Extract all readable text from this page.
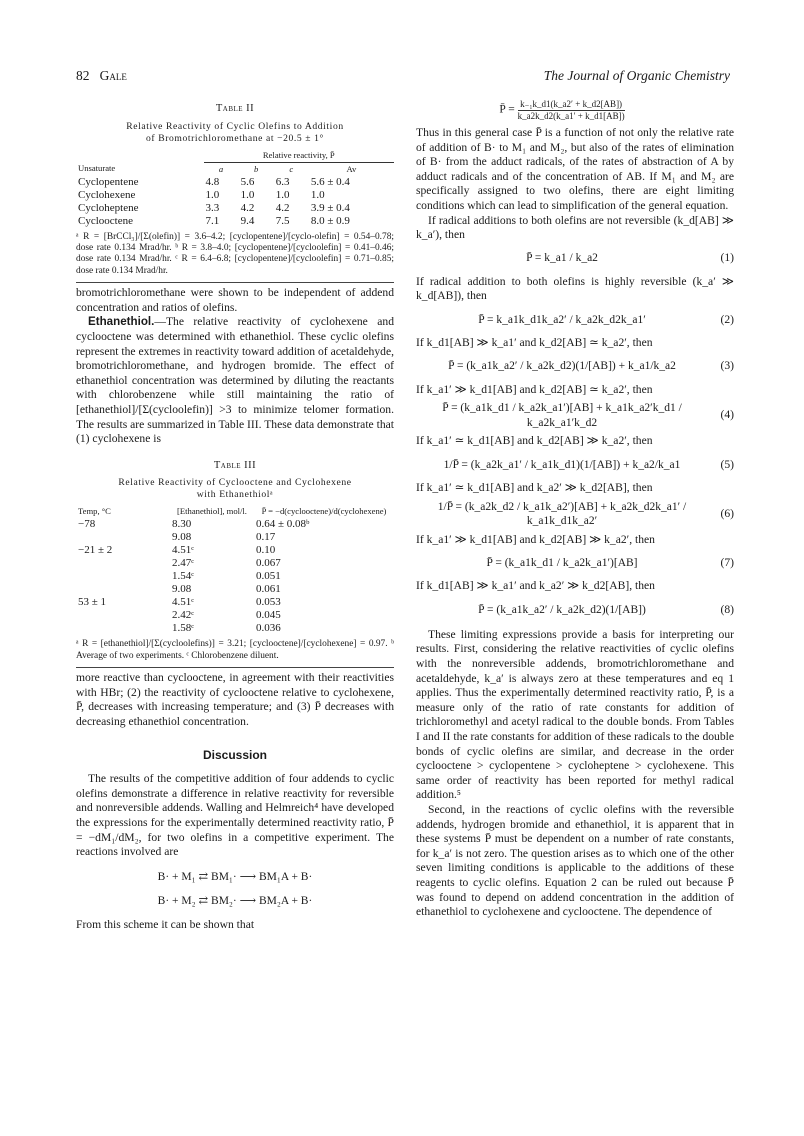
82 Gale	The Journal of Organic Chemistry
Table II
Relative Reactivity of Cyclic Olefins to Addition
of Bromotrichloromethane at −20.5 ± 1°
	Relative reactivity, P̄			
Unsaturate	a	b	c	Av
Cyclopentene	4.8	5.6	6.3	5.6 ± 0.4
Cyclohexene	1.0	1.0	1.0	1.0
Cycloheptene	3.3	4.2	4.2	3.9 ± 0.4
Cyclooctene	7.1	9.4	7.5	8.0 ± 0.9
ᵃ R = [BrCCl₃]/[Σ(olefin)] = 3.6–4.2; [cyclopentene]/[cyclo-olefin] = 0.54–0.78; dose rate 0.134 Mrad/hr. ᵇ R = 3.8–4.0; [cyclopentene]/[cycloolefin] = 0.41–0.46; dose rate 0.134 Mrad/hr. ᶜ R = 6.4–6.8; [cyclopentene]/[cycloolefin] = 0.71–0.85; dose rate 0.134 Mrad/hr.

bromotrichloromethane were shown to be independent of addend concentration and ratios of olefins.

Ethanethiol.—The relative reactivity of cyclohexene and cyclooctene was determined with ethanethiol. These cyclic olefins represent the extremes in reactivity toward addition of acetaldehyde, bromotrichloromethane, and hydrogen bromide. The effect of ethanethiol concentration was determined by diluting the reactants with chlorobenzene while still maintaining the ratio of [ethanethiol]/[Σ(cycloolefin)] >3 to minimize telomer formation. The results are summarized in Table III. These data demonstrate that (1) cyclohexene is

Table III
Relative Reactivity of Cyclooctene and Cyclohexene
with Ethanethiolᵃ
Temp, °C	[Ethanethiol], mol/l.	P̄ = −d(cyclooctene)/d(cyclohexene)
−78	8.30	0.64 ± 0.08ᵇ
	9.08	0.17
−21 ± 2	4.51ᶜ	0.10
	2.47ᶜ	0.067
	1.54ᶜ	0.051
	9.08	0.061
53 ± 1	4.51ᶜ	0.053
	2.42ᶜ	0.045
	1.58ᶜ	0.036
ᵃ R = [ethanethiol]/[Σ(cycloolefins)] = 3.21; [cyclooctene]/[cyclohexene] = 0.97. ᵇ Average of two experiments. ᶜ Chlorobenzene diluent.

more reactive than cyclooctene, in agreement with their reactivities with HBr; (2) the reactivity of cyclooctene relative to cyclohexene, P̄, decreases with increasing temperature; and (3) P̄ decreases with decreasing ethanethiol concentration.

Discussion

The results of the competitive addition of four addends to cyclic olefins demonstrate a difference in relative reactivity for reversible and nonreversible addends. Walling and Helmreich⁴ have developed the expressions for the experimentally determined reactivity ratio, P̄ = −dM₁/dM₂, for two olefins in a competitive experiment. The reactions involved are

B· + M₁ ⇄ BM₁· ⟶ BM₁A + B·
B· + M₂ ⇄ BM₂· ⟶ BM₂A + B·

From this scheme it can be shown that

P̄ = $\frac{\text{k₋₁k\_d1(k\_a2′ + k\_d2[AB])}}{k\_a2k\_d2(k\_a1' + k\_d1[AB])}$

Thus in this general case P̄ is a function of not only the relative rate of addition of B· to M₁ and M₂, but also of the rates of elimination of B· from the adduct radicals, of the rates of abstraction of A by adduct radicals and of the concentration of AB. If M₁ and M₂ are specifically assigned to two olefins, there are eight limiting conditions which can lead to simplification of the general equation.

If radical additions to both olefins are not reversible (k_d[AB] ≫ k_a′), then

P̄ = k_a1 / k_a2	(1)

If radical addition to both olefins is highly reversible (k_a′ ≫ k_d[AB]), then

P̄ = k_a1k_d1k_a2′ / k_a2k_d2k_a1′	(2)

If k_d1[AB] ≫ k_a1′ and k_d2[AB] ≃ k_a2′, then

P̄ = (k_a1k_a2′ / k_a2k_d2)(1/[AB]) + k_a1/k_a2	(3)

If k_a1′ ≫ k_d1[AB] and k_d2[AB] ≃ k_a2′, then

P̄ = (k_a1k_d1 / k_a2k_a1′)[AB] + k_a1k_a2′k_d1 / k_a2k_a1′k_d2
(4)

If k_a1′ ≃ k_d1[AB] and k_d2[AB] ≫ k_a2′, then

1/P̄ = (k_a2k_a1′ / k_a1k_d1)(1/[AB]) + k_a2/k_a1	(5)

If k_a1′ ≃ k_d1[AB] and k_a2′ ≫ k_d2[AB], then

1/P̄ = (k_a2k_d2 / k_a1k_a2′)[AB] + k_a2k_d2k_a1′ / k_a1k_d1k_a2′
(6)

If k_a1′ ≫ k_d1[AB] and k_d2[AB] ≫ k_a2′, then

P̄ = (k_a1k_d1 / k_a2k_a1′)[AB]	(7)

If k_d1[AB] ≫ k_a1′ and k_a2′ ≫ k_d2[AB], then

P̄ = (k_a1k_a2′ / k_a2k_d2)(1/[AB])	(8)

These limiting expressions provide a basis for interpreting our results. First, considering the relative reactivities of cyclic olefins with the nonreversible addends, bromotrichloromethane and acetaldehyde, k_a′ is always zero at these temperatures and eq 1 applies. Thus the experimentally determined reactivity ratio, P̄, is a measure only of the ratio of rate constants for addition of trichloromethyl and acetyl radical to the double bonds. From Tables I and II the rate constants for addition of these radicals to the double bonds of cyclic olefins are similar, and decrease in the order cyclooctene > cyclopentene > cycloheptene > cyclohexene. This same order of reactivity has been reported for methyl radical addition.⁵

Second, in the reactions of cyclic olefins with the reversible addends, hydrogen bromide and ethanethiol, it is apparent that in these systems P̄ must be dependent on a number of rate constants, for k_a′ is not zero. The question arises as to which one of the other seven limiting conditions is applicable to the additions of these reagents to cyclic olefins. Equation 2 can be ruled out because P̄ was found to depend on addend concentration in the addition of ethanethiol to cyclohexene and cyclooctene. The dependence of
